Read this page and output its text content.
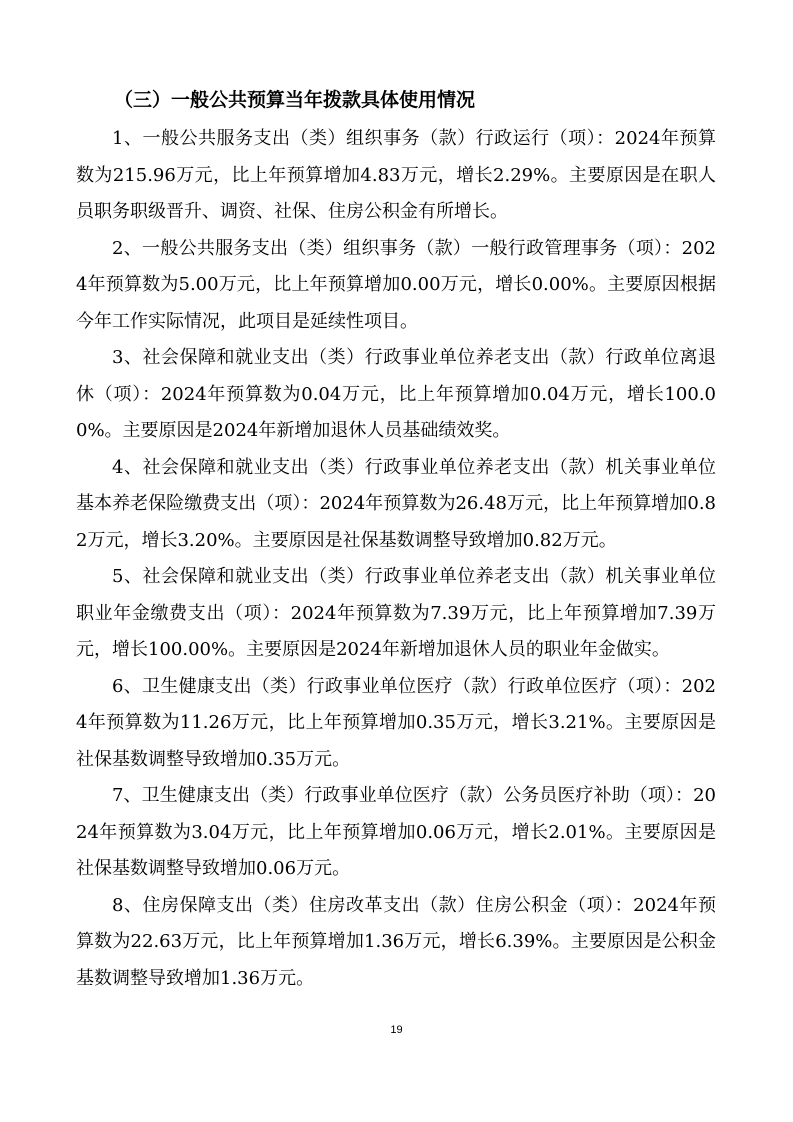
（三）一般公共预算当年拨款具体使用情况

1、一般公共服务支出（类）组织事务（款）行政运行（项）：2024年预算数为215.96万元，比上年预算增加4.83万元，增长2.29%。主要原因是在职人员职务职级晋升、调资、社保、住房公积金有所增长。

2、一般公共服务支出（类）组织事务（款）一般行政管理事务（项）：2024年预算数为5.00万元，比上年预算增加0.00万元，增长0.00%。主要原因根据今年工作实际情况，此项目是延续性项目。

3、社会保障和就业支出（类）行政事业单位养老支出（款）行政单位离退休（项）：2024年预算数为0.04万元，比上年预算增加0.04万元，增长100.00%。主要原因是2024年新增加退休人员基础绩效奖。

4、社会保障和就业支出（类）行政事业单位养老支出（款）机关事业单位基本养老保险缴费支出（项）：2024年预算数为26.48万元，比上年预算增加0.82万元，增长3.20%。主要原因是社保基数调整导致增加0.82万元。

5、社会保障和就业支出（类）行政事业单位养老支出（款）机关事业单位职业年金缴费支出（项）：2024年预算数为7.39万元，比上年预算增加7.39万元，增长100.00%。主要原因是2024年新增加退休人员的职业年金做实。

6、卫生健康支出（类）行政事业单位医疗（款）行政单位医疗（项）：2024年预算数为11.26万元，比上年预算增加0.35万元，增长3.21%。主要原因是社保基数调整导致增加0.35万元。

7、卫生健康支出（类）行政事业单位医疗（款）公务员医疗补助（项）：2024年预算数为3.04万元，比上年预算增加0.06万元，增长2.01%。主要原因是社保基数调整导致增加0.06万元。

8、住房保障支出（类）住房改革支出（款）住房公积金（项）：2024年预算数为22.63万元，比上年预算增加1.36万元，增长6.39%。主要原因是公积金基数调整导致增加1.36万元。

19
